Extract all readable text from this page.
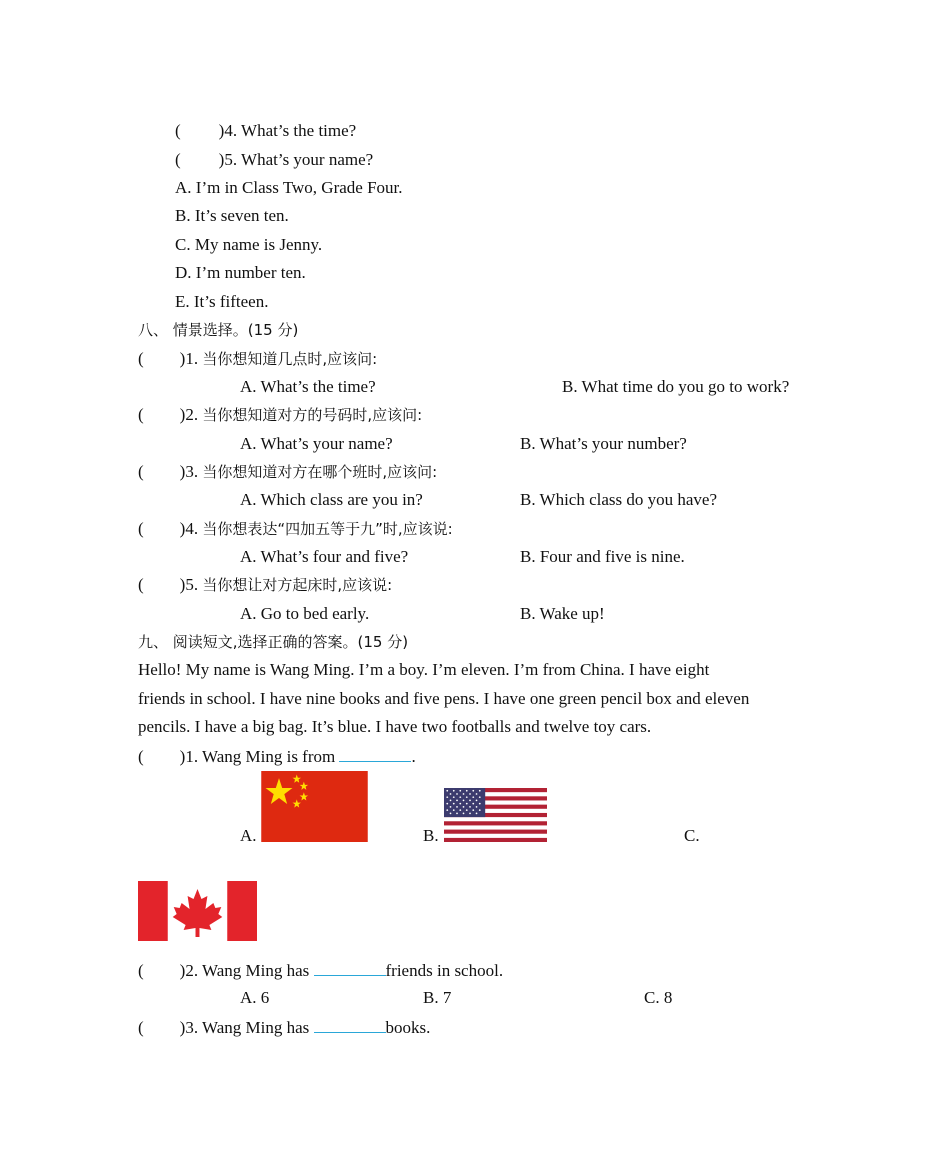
( )4. What’s the time?
( )5. What’s your name?
A. I’m in Class Two, Grade Four.
B. It’s seven ten.
C. My name is Jenny.
D. I’m number ten.
E. It’s fifteen.
八、 情景选择。(15 分)
( )1. 当你想知道几点时,应该问:
A. What’s the time?	B. What time do you go to work?
( )2. 当你想知道对方的号码时,应该问:
A. What’s your name?	B. What’s your number?
( )3. 当你想知道对方在哪个班时,应该问:
A. Which class are you in?	B. Which class do you have?
( )4. 当你想表达“四加五等于九”时,应该说:
A. What’s four and five?	B. Four and five is nine.
( )5. 当你想让对方起床时,应该说:
A. Go to bed early.	B. Wake up!
九、 阅读短文,选择正确的答案。(15 分)
Hello! My name is Wang Ming. I’m a boy. I’m eleven. I’m from China. I have eight
friends in school. I have nine books and five pens. I have one green pencil box and eleven
pencils. I have a big bag. It’s blue. I have two footballs and twelve toy cars.
( )1. Wang Ming is from	.
A.	B.	C.
( )2. Wang Ming has	friends in school.
A. 6	B. 7	C. 8
( )3. Wang Ming has	books.
